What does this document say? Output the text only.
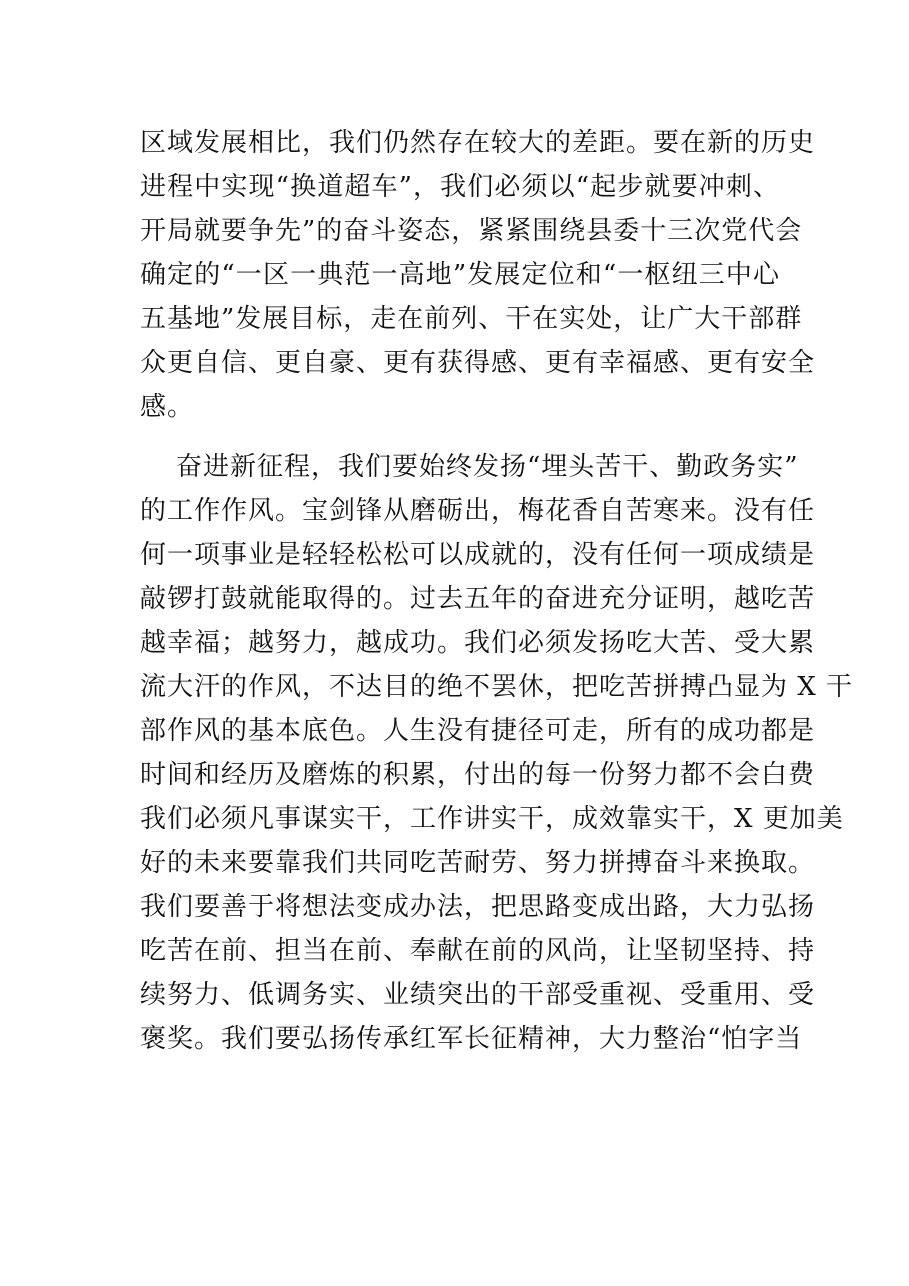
区域发展相比，我们仍然存在较大的差距。要在新的历史
进程中实现“换道超车”，我们必须以“起步就要冲刺、
开局就要争先”的奋斗姿态，紧紧围绕县委十三次党代会
确定的“一区一典范一高地”发展定位和“一枢纽三中心
五基地”发展目标，走在前列、干在实处，让广大干部群
众更自信、更自豪、更有获得感、更有幸福感、更有安全
感。
奋进新征程，我们要始终发扬“埋头苦干、勤政务实”
的工作作风。宝剑锋从磨砺出，梅花香自苦寒来。没有任
何一项事业是轻轻松松可以成就的，没有任何一项成绩是
敲锣打鼓就能取得的。过去五年的奋进充分证明，越吃苦
越幸福；越努力，越成功。我们必须发扬吃大苦、受大累
流大汗的作风，不达目的绝不罢休，把吃苦拼搏凸显为 X 干
部作风的基本底色。人生没有捷径可走，所有的成功都是
时间和经历及磨炼的积累，付出的每一份努力都不会白费
我们必须凡事谋实干，工作讲实干，成效靠实干，X 更加美
好的未来要靠我们共同吃苦耐劳、努力拼搏奋斗来换取。
我们要善于将想法变成办法，把思路变成出路，大力弘扬
吃苦在前、担当在前、奉献在前的风尚，让坚韧坚持、持
续努力、低调务实、业绩突出的干部受重视、受重用、受
褒奖。我们要弘扬传承红军长征精神，大力整治“怕字当
